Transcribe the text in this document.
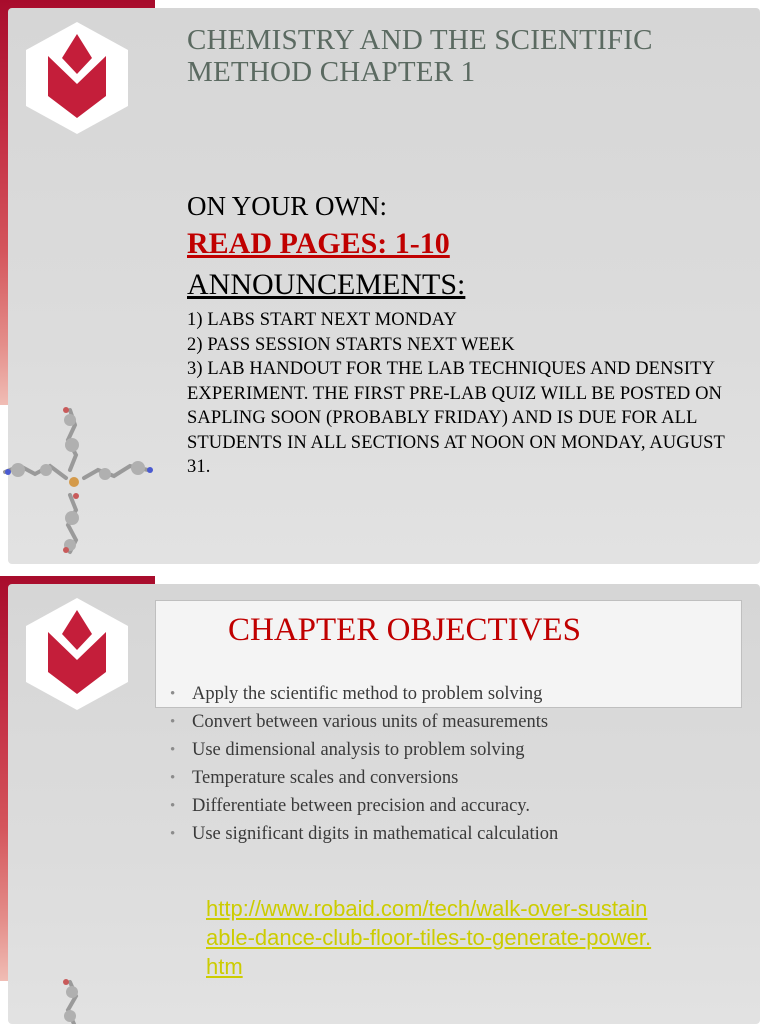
CHEMISTRY AND THE SCIENTIFIC METHOD CHAPTER 1
ON YOUR OWN:
READ PAGES: 1-10
ANNOUNCEMENTS:
1) LABS START NEXT MONDAY
2) PASS SESSION STARTS NEXT WEEK
3) LAB HANDOUT FOR THE LAB TECHNIQUES AND DENSITY EXPERIMENT. THE FIRST PRE-LAB QUIZ WILL BE POSTED ON SAPLING SOON (PROBABLY FRIDAY) AND IS DUE FOR ALL STUDENTS IN ALL SECTIONS AT NOON ON MONDAY, AUGUST 31.
CHAPTER OBJECTIVES
• Apply the scientific method to problem solving
• Convert between various units of measurements
• Use dimensional analysis to problem solving
• Temperature scales and conversions
• Differentiate between precision and accuracy.
• Use significant digits in mathematical calculation
http://www.robaid.com/tech/walk-over-sustainable-dance-club-floor-tiles-to-generate-power.htm
